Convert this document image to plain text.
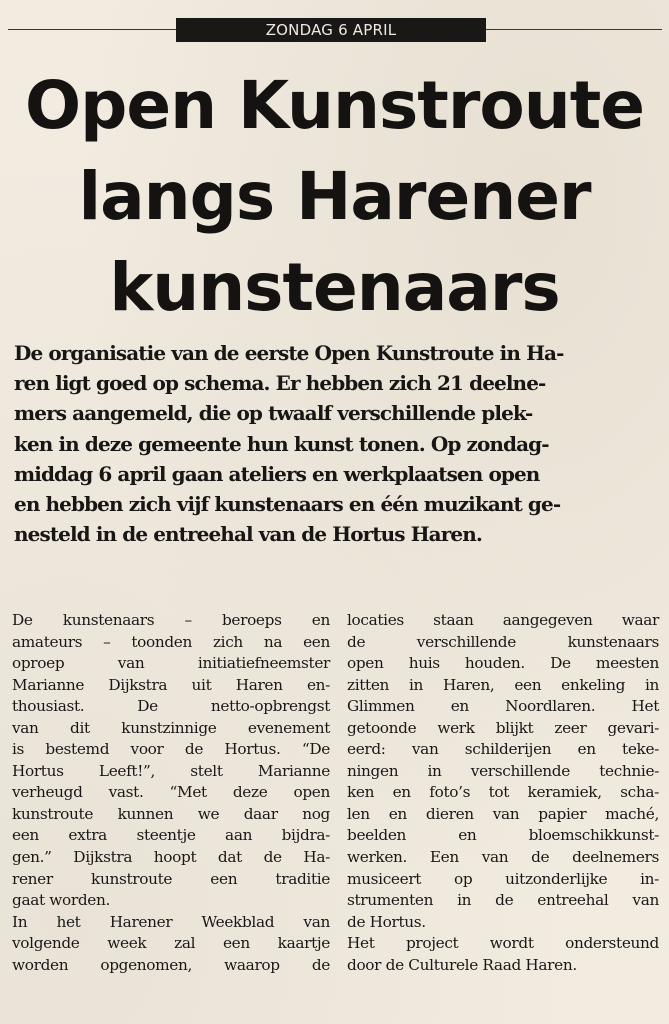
ZONDAG 6 APRIL
Open Kunstroute
langs Harener
kunstenaars
De organisatie van de eerste Open Kunstroute in Ha-
ren ligt goed op schema. Er hebben zich 21 deelne-
mers aangemeld, die op twaalf verschillende plek-
ken in deze gemeente hun kunst tonen. Op zondag-
middag 6 april gaan ateliers en werkplaatsen open
en hebben zich vijf kunstenaars en één muzikant ge-
nesteld in de entreehal van de Hortus Haren.
De kunstenaars – beroeps en
amateurs – toonden zich na een
oproep van initiatiefneemster
Marianne Dijkstra uit Haren en-
thousiast. De netto-opbrengst
van dit kunstzinnige evenement
is bestemd voor de Hortus. “De
Hortus Leeft!”, stelt Marianne
verheugd vast. “Met deze open
kunstroute kunnen we daar nog
een extra steentje aan bijdra-
gen.” Dijkstra hoopt dat de Ha-
rener kunstroute een traditie
gaat worden.
In het Harener Weekblad van
volgende week zal een kaartje
worden opgenomen, waarop de
locaties staan aangegeven waar
de verschillende kunstenaars
open huis houden. De meesten
zitten in Haren, een enkeling in
Glimmen en Noordlaren. Het
getoonde werk blijkt zeer gevari-
eerd: van schilderijen en teke-
ningen in verschillende technie-
ken en foto’s tot keramiek, scha-
len en dieren van papier maché,
beelden en bloemschikkunst-
werken. Een van de deelnemers
musiceert op uitzonderlijke in-
strumenten in de entreehal van
de Hortus.
Het project wordt ondersteund
door de Culturele Raad Haren.
